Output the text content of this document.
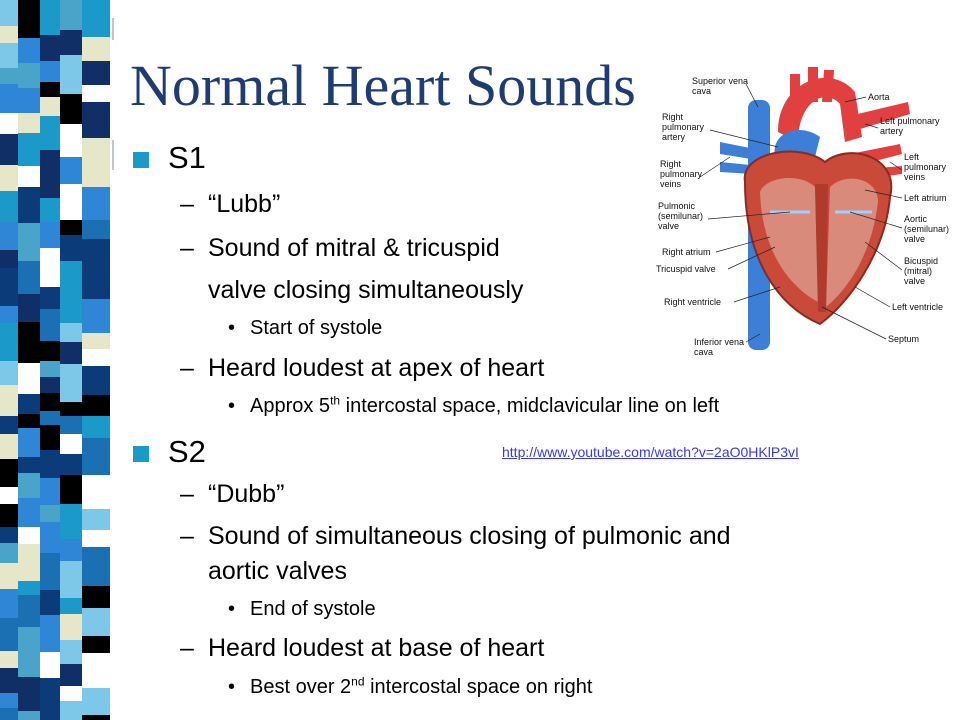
Normal Heart Sounds
S1
– “Lubb”
– Sound of mitral & tricuspid
valve closing simultaneously
• Start of systole
– Heard loudest at apex of heart
• Approx 5th intercostal space, midclavicular line on left
S2	http://www.youtube.com/watch?v=2aO0HKlP3vI
– “Dubb”
– Sound of simultaneous closing of pulmonic and
aortic valves
• End of systole
– Heard loudest at base of heart
• Best over 2nd intercostal space on right
Superior vena cava
Aorta
Right pulmonary artery
Left pulmonary artery
Right pulmonary veins
Left pulmonary veins
Pulmonic (semilunar) valve
Left atrium
Aortic (semilunar) valve
Right atrium
Tricuspid valve
Bicuspid (mitral) valve
Right ventricle	Left ventricle
Inferior vena cava
Septum
